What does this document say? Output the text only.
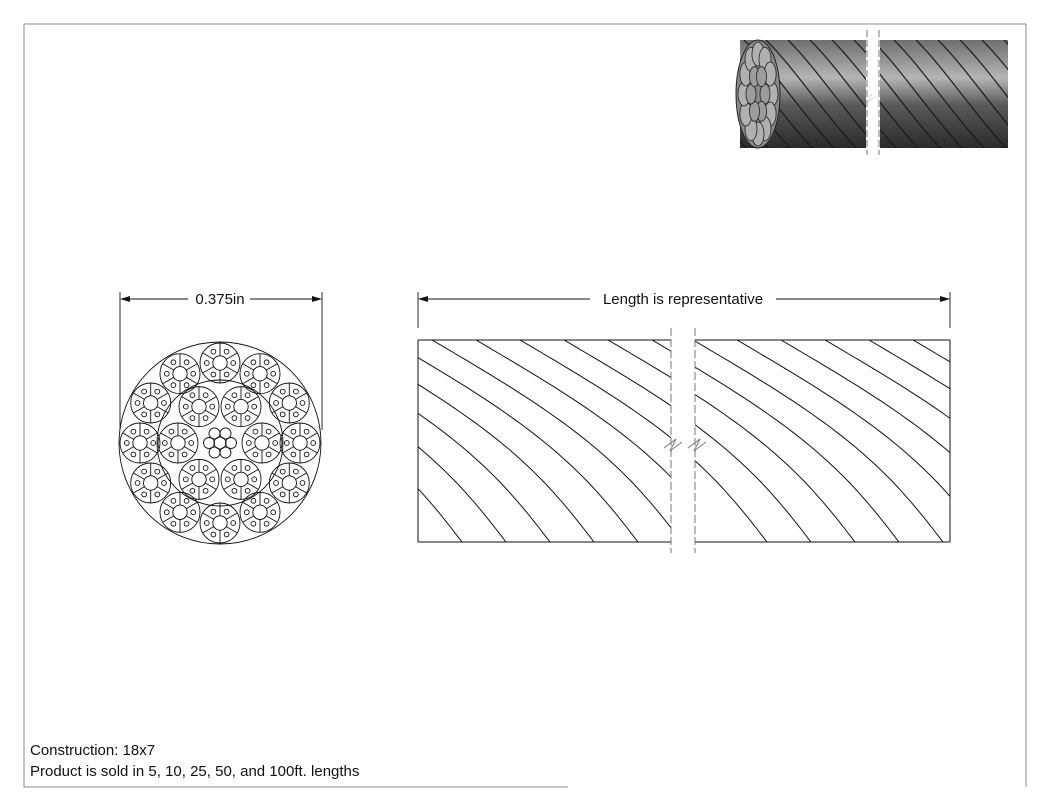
0.375in	Length is representative
Construction: 18x7
Product is sold in 5, 10, 25, 50, and 100ft. lengths
